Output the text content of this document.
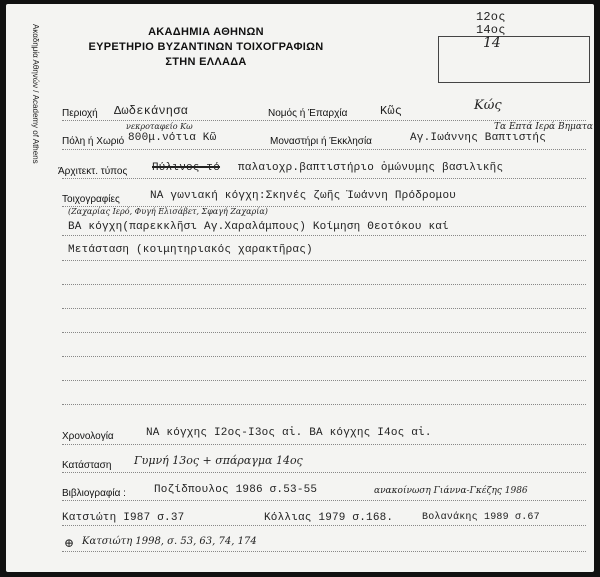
Ακαδημία Αθηνών / Academy of Athens	ΑΚΑΔΗΜΙΑ ΑΘΗΝΩΝ
ΕΥΡΕΤΗΡΙΟ ΒΥΖΑΝΤΙΝΩΝ ΤΟΙΧΟΓΡΑΦΙΩΝ
ΣΤΗΝ ΕΛΛΑΔΑ
12ος
14ος
14
Περιοχή Δωδεκάνησα	Νομός ή Έπαρχία	Κῶς	Κώς
νεκροταφείο Κω
Πόλη ή Χωριό 800μ.νότια Κῶ	Μοναστήρι ή Έκκλησία	Αγ.Ιωάννης Βαπτιστής
Τα Επτά Ιερά Βηματα
Άρχιτεκτ. τύπος Πύλινος τό παλαιοχρ.βαπτιστήριο ὁμώνυμης βασιλικῆς
Τοιχογραφίες	ΝΑ γωνιακή κόγχη:Σκηνές ζωῆς Ἰωάννη Πρόδρομου
(Ζαχαρίας Ιερό, Φυγή Ελισάβετ, Σφαγή Ζαχαρία)
ΒΑ κόγχη(παρεκκλῆσι Αγ.Χαραλάμπους) Κοίμηση Θεοτόκου καί
Μετάσταση (κοιμητηριακός χαρακτῆρας)
Χρονολογία	ΝΑ κόγχης Ι2ος-Ι3ος αἰ. ΒΑ κόγχης Ι4ος αἰ.
Κατάσταση Γυμνή 13ος + σπάραγμα 14ος
Βιβλιογραφία :	Ποζίδπουλος 1986 σ.53-55	ανακοίνωση Γιάννα-Γκέζης 1986
Κατσιώτη Ι987 σ.37	Κόλλιας 1979 σ.168.	Βολανάκης 1989 σ.67
⊕ Κατσιώτη 1998, σ. 53, 63, 74, 174
